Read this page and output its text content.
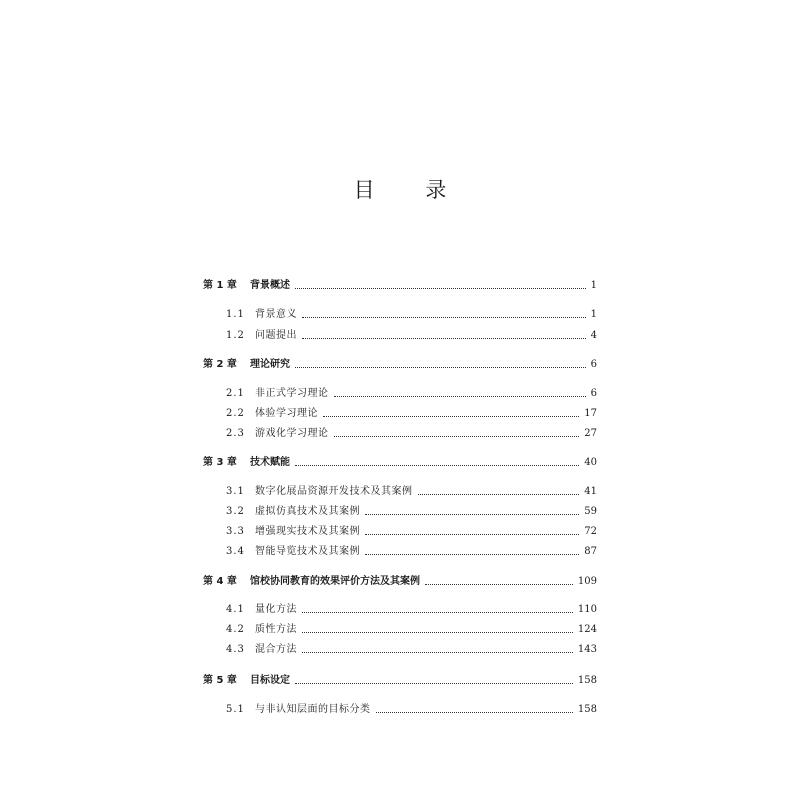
目 录
第 1 章	背景概述	1
1.1	背景意义	1
1.2	问题提出	4
第 2 章	理论研究	6
2.1	非正式学习理论	6
2.2	体验学习理论	17
2.3	游戏化学习理论	27
第 3 章	技术赋能	40
3.1	数字化展品资源开发技术及其案例	41
3.2	虚拟仿真技术及其案例	59
3.3	增强现实技术及其案例	72
3.4	智能导览技术及其案例	87
第 4 章	馆校协同教育的效果评价方法及其案例	109
4.1	量化方法	110
4.2	质性方法	124
4.3	混合方法	143
第 5 章	目标设定	158
5.1	与非认知层面的目标分类	158
